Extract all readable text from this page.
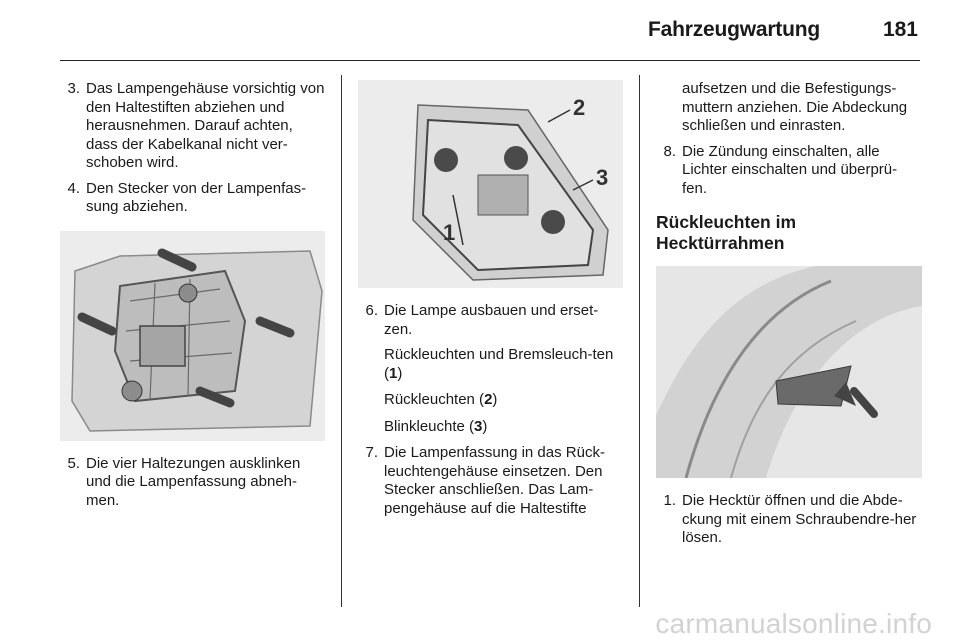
Fahrzeugwartung	181
3. Das Lampengehäuse vorsichtig von den Haltestiften abziehen und herausnehmen. Darauf achten, dass der Kabelkanal nicht ver-schoben wird.
4. Den Stecker von der Lampenfas-sung abziehen.
5. Die vier Haltezungen ausklinken und die Lampenfassung abneh-men.
1
2
3
6. Die Lampe ausbauen und erset-zen.
Rückleuchten und Bremsleuch-ten (1)
Rückleuchten (2)
Blinkleuchte (3)
7. Die Lampenfassung in das Rück-leuchtengehäuse einsetzen. Den Stecker anschließen. Das Lam-pengehäuse auf die Haltestifte
aufsetzen und die Befestigungs-muttern anziehen. Die Abdeckung schließen und einrasten.
8. Die Zündung einschalten, alle Lichter einschalten und überprü-fen.
Rückleuchten im Hecktürrahmen
1. Die Hecktür öffnen und die Abde-ckung mit einem Schraubendre-her lösen.
carmanualsonline.info
